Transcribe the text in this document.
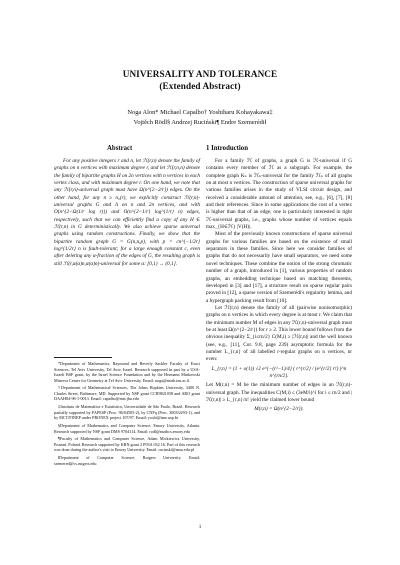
UNIVERSALITY AND TOLERANCE
(Extended Abstract)
Noga Alon* Michael Capalbo† Yoshiharu Kohayakawa‡
Vojtěch Rödl§ Andrzej Ruciński¶ Endre Szemerédi‖
Abstract
For any positive integers r and n, let ℋ(r,n) denote the family of graphs on n vertices with maximum degree r, and let ℋ(r,n,n) denote the family of bipartite graphs H on 2n vertices with n vertices in each vertex class, and with maximum degree r. On one hand, we note that any ℋ(r,n)-universal graph must have Ω(n^{2−2/r}) edges. On the other hand, for any n ≥ n₀(r), we explicitly construct ℋ(r,n)-universal graphs G and Λ on n and 2n vertices, and with O(n^{2−Ω(1/r log r)}) and O(n^{2−1/r} log^{1/r} n) edges, respectively, such that we can efficiently find a copy of any H ∈ ℋ(r,n) in G deterministically. We also achieve sparse universal graphs using random constructions. Finally, we show that the bipartite random graph G = G(n,n,p), with p = cn^{−1/2r} log^{1/2r} n is fault-tolerant; for a large enough constant c, even after deleting any α-fraction of the edges of G, the resulting graph is still ℋ(r,α(α)n,α(α)n)-universal for some α: [0,1) → (0,1].
1 Introduction

For a family ℋ of graphs, a graph G is ℋ-universal if G contains every member of ℋ as a subgraph. For example, the complete graph Kₙ is ℋₙ-universal for the family ℋₙ of all graphs on at most n vertices. The construction of sparse universal graphs for various families arises in the study of VLSI circuit design, and received a considerable amount of attention, see, e.g., [6], [7], [8] and their references. Since in some applications the cost of a vertex is higher than that of an edge, one is particularly interested in tight ℋ-universal graphs, i.e., graphs whose number of vertices equals max_{H∈ℋ} |V(H)|.

Most of the previously known constructions of sparse universal graphs for various families are based on the existence of small separators in these families. Since here we consider families of graphs that do not necessarily have small separators, we need some novel techniques. These combine the notion of the strong chromatic number of a graph, introduced in [1], various properties of random graphs, an embedding technique based on matching theorems, developed in [3] and [17], a structure result on sparse regular pairs proved in [12], a sparse version of Szemerédi's regularity lemma, and a hypergraph packing result from [16].

Let ℋ(r,n) denote the family of all (pairwise nonisomorphic) graphs on n vertices in which every degree is at most r. We claim that the minimum number M of edges in any ℋ(r,n)-universal graph must be at least Ω(n^{2−2/r}) for r ≥ 2. This lower bound follows from the obvious inequality Σ_{i≤rn/2} C(M,i) ≥ |ℋ(r,n)| and the well known (see, e.g., [11], Cor. 9.8, page 239) asymptotic formula for the number L_{r,n} of all labelled r-regular graphs on n vertices, nr even:

L_{r,n} = (1 + o(1)) √2 e^{−(r²−1)/4} ( r^{r/2} / (e^{r/2} r!) )^n n^{rn/2}.

Let M(r,n) = M be the minimum number of edges in an ℋ(r,n)-universal graph. The inequalities C(M,i) ≤ (3eM/i)^i for i ≤ rn/2 and |ℋ(r,n)| ≥ L_{r,n}/n! yield the claimed lower bound

M(r,n) = Ω(n^{2−2/r}).

*Department of Mathematics, Raymond and Beverly Sackler Faculty of Exact Sciences, Tel Aviv University, Tel Aviv, Israel. Research supported in part by a USA-Israeli BSF grant, by the Israel Science Foundation and by the Hermann Minkowski Minerva Center for Geometry at Tel Aviv University. Email: noga@math.tau.ac.il.

†Department of Mathematical Sciences, The Johns Hopkins University, 3400 N. Charles Street, Baltimore, MD. Supported by NSF grant CCR9821058 and ARO grant DAAH04-96-1-0013. Email: capalbo@mts.jhu.edu

‡Instituto de Matemática e Estatística, Universidade de São Paulo, Brazil. Research partially supported by FAPESP (Proc. 96/04505-2), by CNPq (Proc. 300334/93-1), and by MCT/FINEP under PRONEX project 107/97. Email: yoshi@ime.usp.br

§Department of Mathematics and Computer Science, Emory University, Atlanta. Research supported by NSF grant DMS 9704114. Email: rodl@mathcs.emory.edu

¶Faculty of Mathematics and Computer Science, Adam Mickiewicz University, Poznań, Poland. Research supported by KBN grant 2 P03A 032 16. Part of this research was done during the author's visit to Emory University. Email: rucinski@amu.edu.pl

‖Department of Computer Science, Rutgers University. Email: szemered@cs.rutgers.edu

1
